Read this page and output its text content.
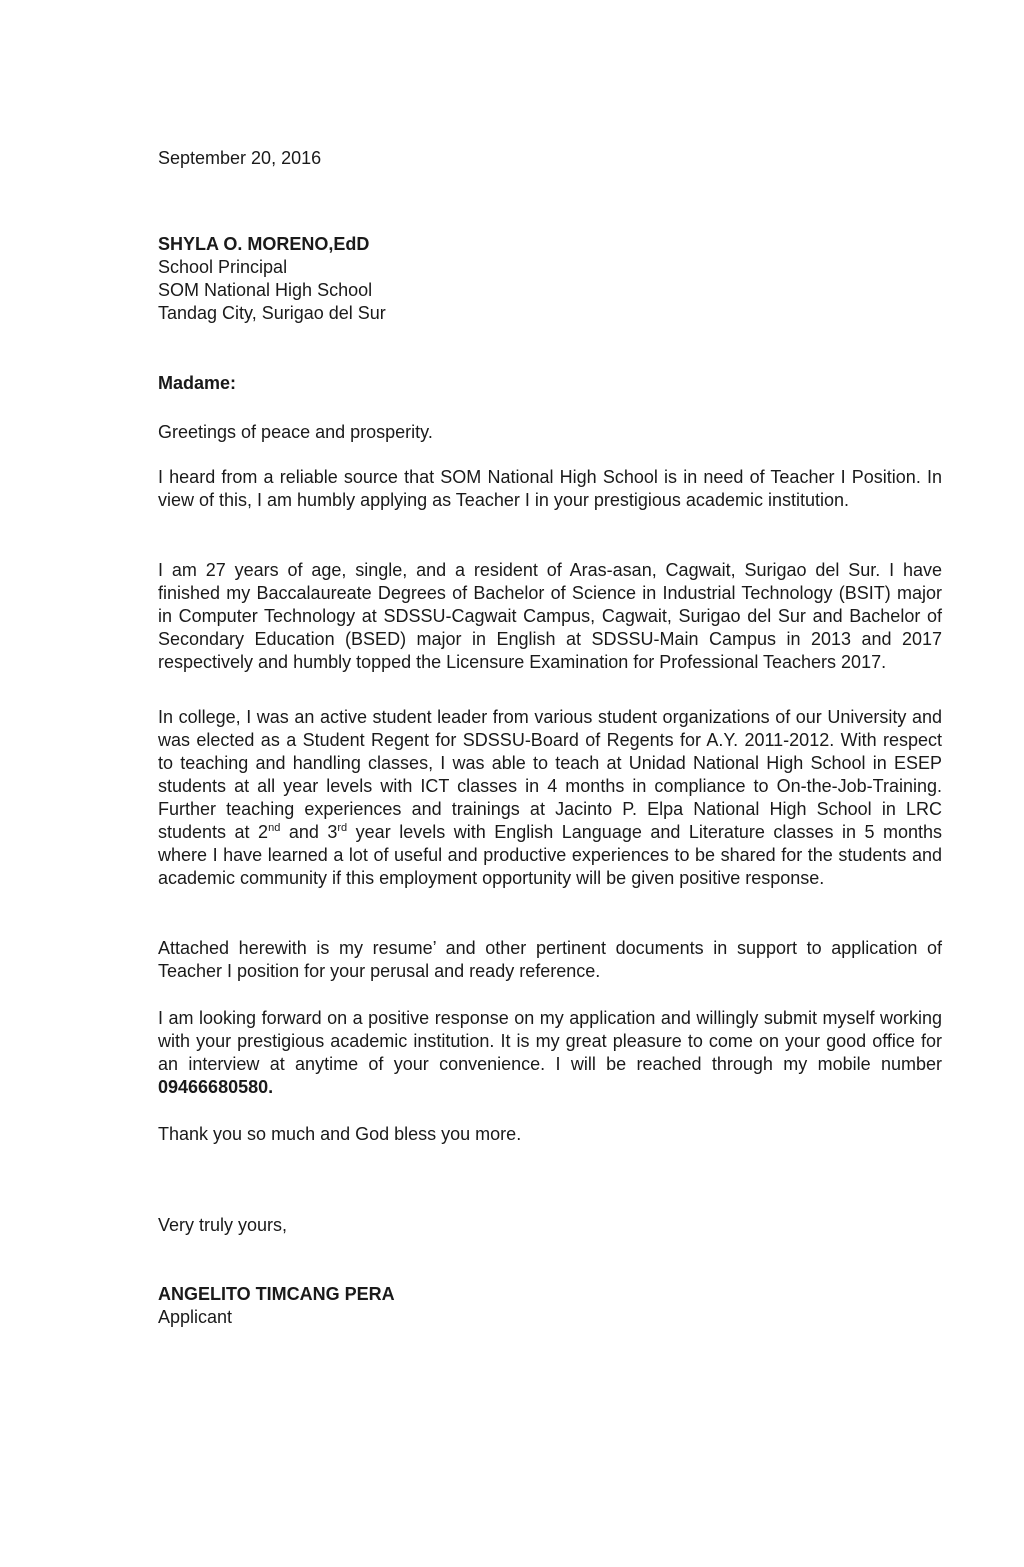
September 20, 2016

SHYLA O. MORENO,EdD

School Principal

SOM National High School

Tandag City, Surigao del Sur

Madame:

Greetings of peace and prosperity.

I heard from a reliable source that SOM National High School is in need of Teacher I Position. In view of this, I am humbly applying as Teacher I in your prestigious academic institution.

I am 27 years of age, single, and a resident of Aras-asan, Cagwait, Surigao del Sur. I have finished my Baccalaureate Degrees of Bachelor of Science in Industrial Technology (BSIT) major in Computer Technology at SDSSU-Cagwait Campus, Cagwait, Surigao del Sur and Bachelor of Secondary Education (BSED) major in English at SDSSU-Main Campus in 2013 and 2017 respectively and humbly topped the Licensure Examination for Professional Teachers 2017.

In college, I was an active student leader from various student organizations of our University and was elected as a Student Regent for SDSSU-Board of Regents for A.Y. 2011-2012. With respect to teaching and handling classes, I was able to teach at Unidad National High School in ESEP students at all year levels with ICT classes in 4 months in compliance to On-the-Job-Training. Further teaching experiences and trainings at Jacinto P. Elpa National High School in LRC students at 2nd and 3rd year levels with English Language and Literature classes in 5 months where I have learned a lot of useful and productive experiences to be shared for the students and academic community if this employment opportunity will be given positive response.

Attached herewith is my resume’ and other pertinent documents in support to application of Teacher I position for your perusal and ready reference.

I am looking forward on a positive response on my application and willingly submit myself working with your prestigious academic institution. It is my great pleasure to come on your good office for an interview at anytime of your convenience. I will be reached through my mobile number 09466680580.

Thank you so much and God bless you more.

Very truly yours,

ANGELITO TIMCANG PERA

Applicant
